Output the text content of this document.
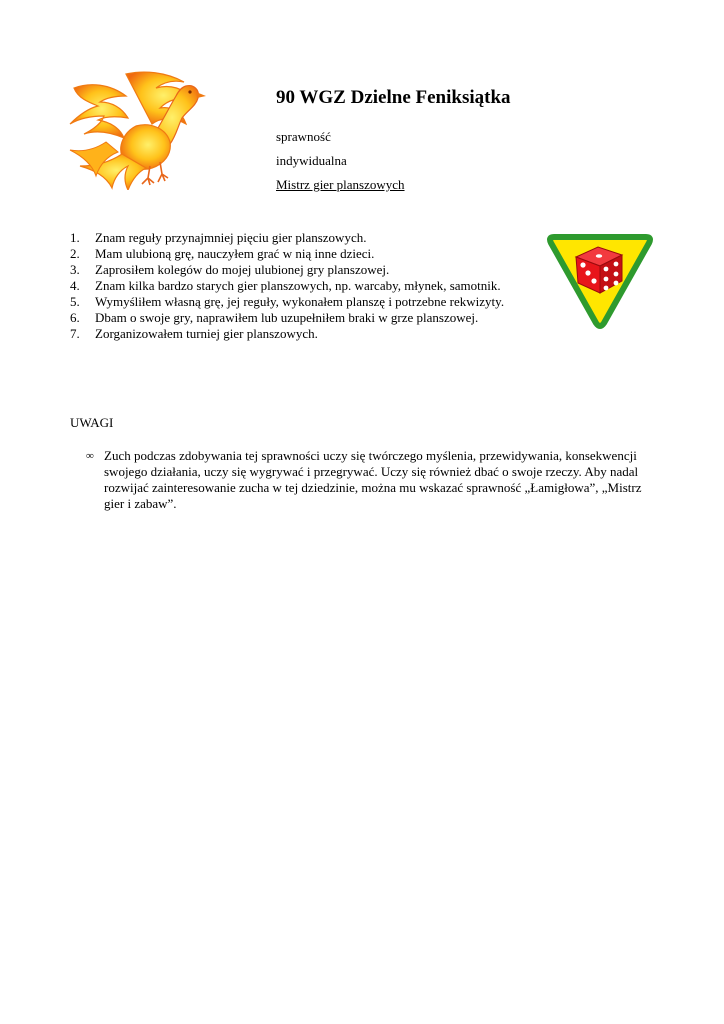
90 WGZ Dzielne Feniksiątka
sprawność
indywidualna
Mistrz gier planszowych
1.	Znam reguły przynajmniej pięciu gier planszowych.
2.	Mam ulubioną grę, nauczyłem grać w nią inne dzieci.
3.	Zaprosiłem kolegów do mojej ulubionej gry planszowej.
4.	Znam kilka bardzo starych gier planszowych, np. warcaby, młynek, samotnik.
5.	Wymyśliłem własną grę, jej reguły, wykonałem planszę i potrzebne rekwizyty.
6.	Dbam o swoje gry, naprawiłem lub uzupełniłem braki w grze planszowej.
7.	Zorganizowałem turniej gier planszowych.
UWAGI
∞ Zuch podczas zdobywania tej sprawności uczy się twórczego myślenia, przewidywania, konsekwencji swojego działania, uczy się wygrywać i przegrywać. Uczy się również dbać o swoje rzeczy. Aby nadal rozwijać zainteresowanie zucha w tej dziedzinie, można mu wskazać sprawność „Łamigłowa”, „Mistrz gier i zabaw”.
